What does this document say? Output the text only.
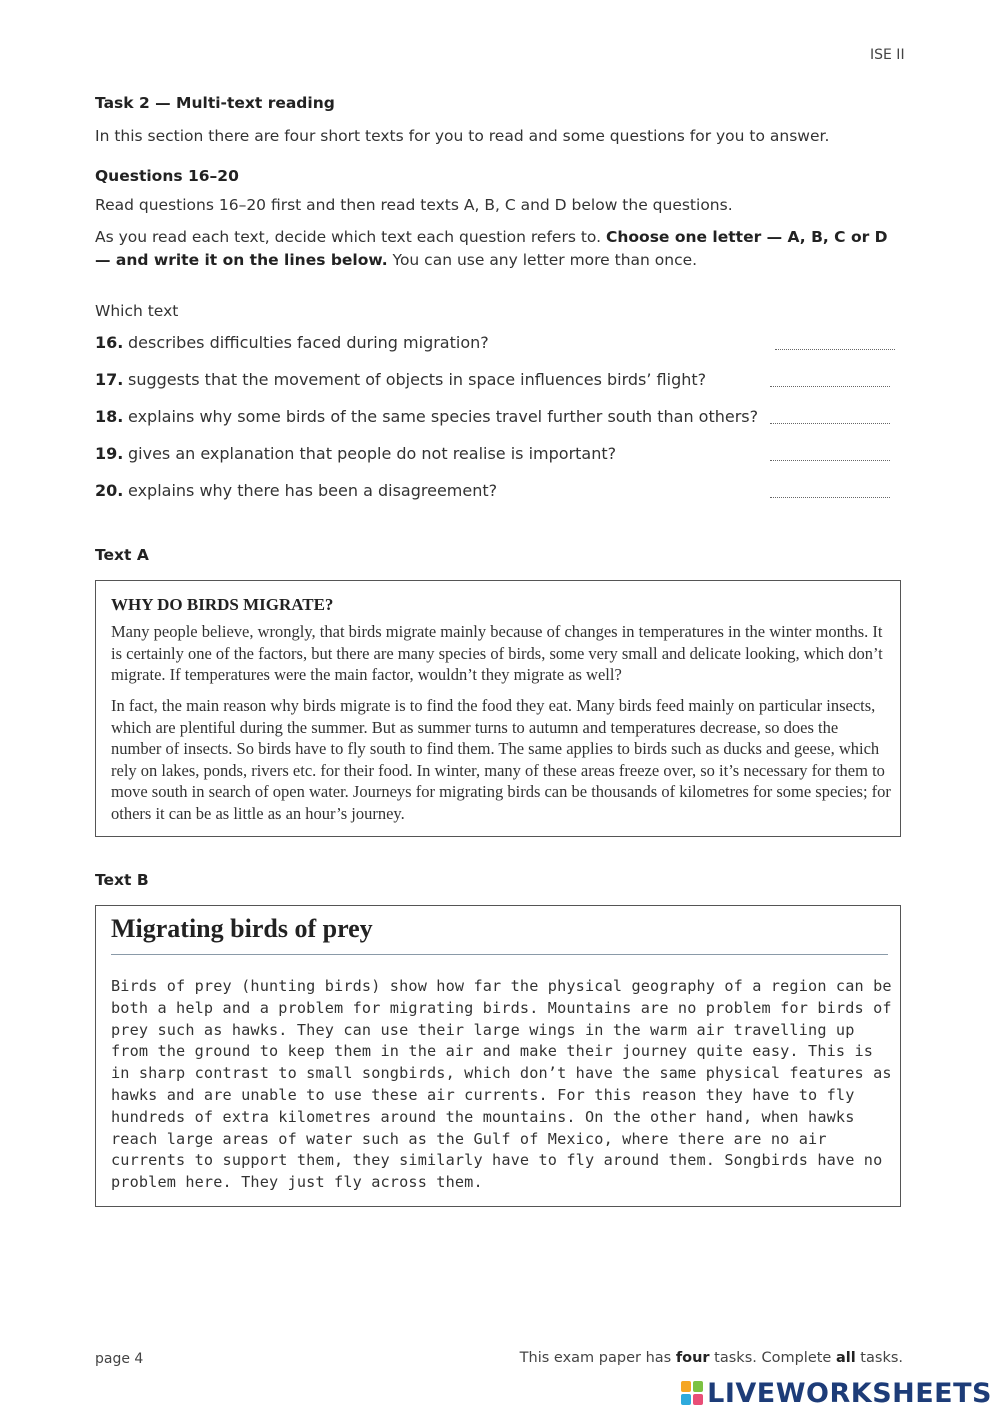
ISE II
Task 2 — Multi-text reading
In this section there are four short texts for you to read and some questions for you to answer.
Questions 16–20
Read questions 16–20 first and then read texts A, B, C and D below the questions.
As you read each text, decide which text each question refers to. Choose one letter — A, B, C or D — and write it on the lines below. You can use any letter more than once.
Which text
16. describes difficulties faced during migration?
17. suggests that the movement of objects in space influences birds’ flight?
18. explains why some birds of the same species travel further south than others?
19. gives an explanation that people do not realise is important?
20. explains why there has been a disagreement?
Text A
WHY DO BIRDS MIGRATE?
Many people believe, wrongly, that birds migrate mainly because of changes in temperatures in the winter months. It is certainly one of the factors, but there are many species of birds, some very small and delicate looking, which don’t migrate. If temperatures were the main factor, wouldn’t they migrate as well?
In fact, the main reason why birds migrate is to find the food they eat. Many birds feed mainly on particular insects, which are plentiful during the summer. But as summer turns to autumn and temperatures decrease, so does the number of insects. So birds have to fly south to find them. The same applies to birds such as ducks and geese, which rely on lakes, ponds, rivers etc. for their food. In winter, many of these areas freeze over, so it’s necessary for them to move south in search of open water. Journeys for migrating birds can be thousands of kilometres for some species; for others it can be as little as an hour’s journey.
Text B
Migrating birds of prey
Birds of prey (hunting birds) show how far the physical geography of a region can be both a help and a problem for migrating birds. Mountains are no problem for birds of prey such as hawks. They can use their large wings in the warm air travelling up from the ground to keep them in the air and make their journey quite easy. This is in sharp contrast to small songbirds, which don’t have the same physical features as hawks and are unable to use these air currents. For this reason they have to fly hundreds of extra kilometres around the mountains. On the other hand, when hawks reach large areas of water such as the Gulf of Mexico, where there are no air currents to support them, they similarly have to fly around them. Songbirds have no problem here. They just fly across them.
page 4	This exam paper has four tasks. Complete all tasks.
LIVEWORKSHEETS
